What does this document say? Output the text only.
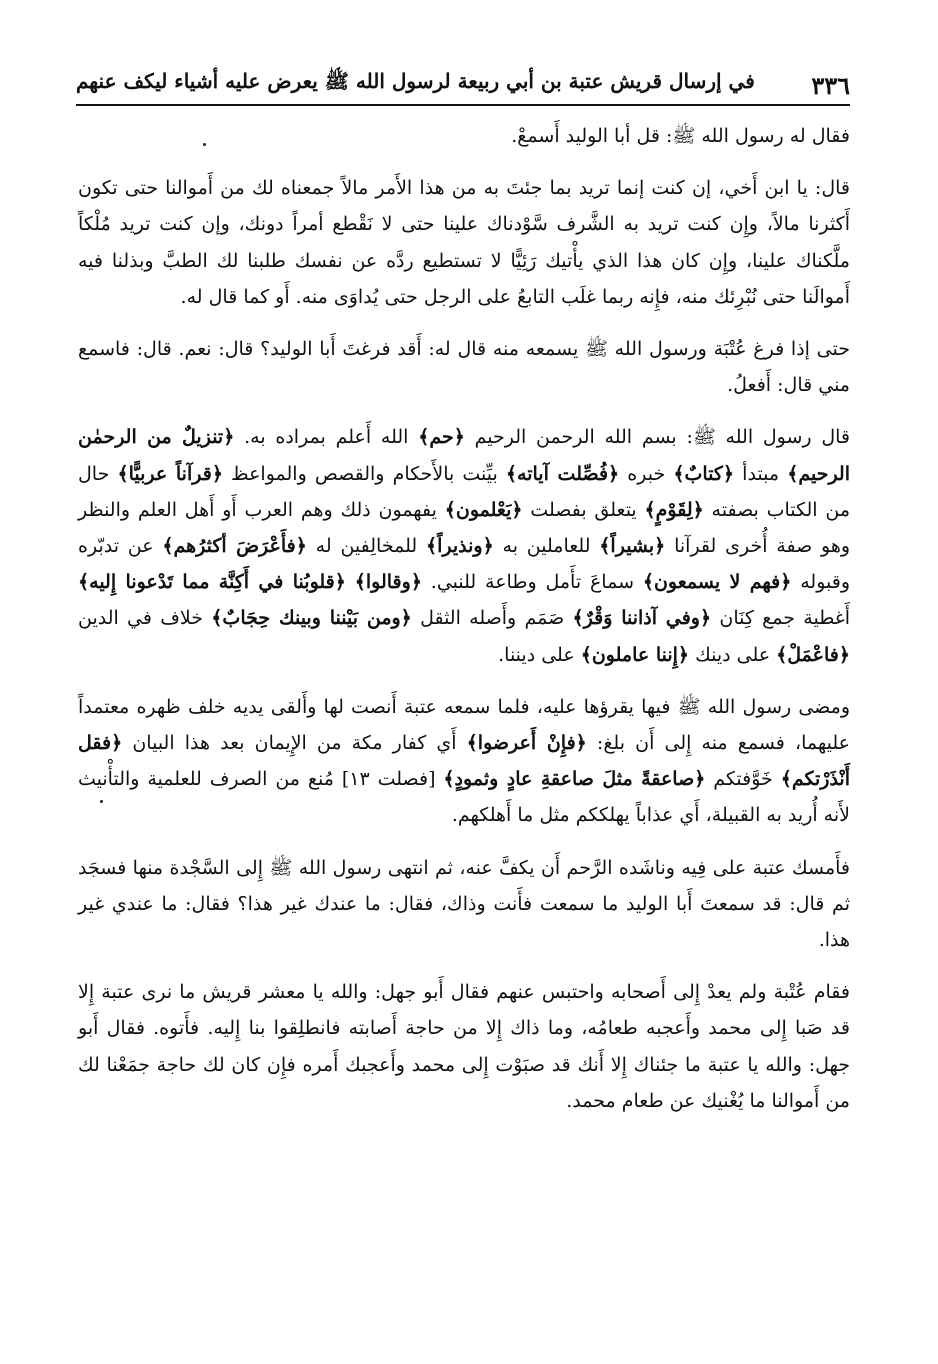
٣٣٦
في إرسال قريش عتبة بن أبي ربيعة لرسول الله ﷺ يعرض عليه أشياء ليكف عنهم

فقال له رسول الله ﷺ: قل أبا الوليد أَسمعْ.

قال: يا ابن أَخي، إن كنت إنما تريد بما جئتَ به من هذا الأَمر مالاً جمعناه لك من أَموالنا حتى تكون أَكثرنا مالاً، وإِن كنت تريد به الشَّرف سَّوْدناك علينا حتى لا نَقْطع أمراً دونك، وإن كنت تريد مُلْكاً ملَّكناك علينا، وإِن كان هذا الذي يأْتيك رَئِيًّا لا تستطيع ردَّه عن نفسك طلبنا لك الطبَّ وبذلنا فيه أَموالَنا حتى نُبْرِئك منه، فإِنه ربما غلَب التابعُ على الرجل حتى يُداوَى منه. أَو كما قال له.

حتى إذا فرغ عُتْبَة ورسول الله ﷺ يسمعه منه قال له: أَقد فرغتَ أَبا الوليد؟ قال: نعم. قال: فاسمع مني قال: أَفعلُ.

قال رسول الله ﷺ: بسم الله الرحمن الرحيم ﴿حم﴾ الله أَعلم بمراده به. ﴿تنزيلٌ من الرحمٰن الرحيم﴾ مبتدأ ﴿كتابٌ﴾ خبره ﴿فُصِّلت آياته﴾ بيِّنت بالأَحكام والقصص والمواعظ ﴿قرآناً عربيًّا﴾ حال من الكتاب بصفته ﴿لِقَوْمٍ﴾ يتعلق بفصلت ﴿يَعْلمون﴾ يفهمون ذلك وهم العرب أَو أَهل العلم والنظر وهو صفة أُخرى لقرآنا ﴿بشيراً﴾ للعاملين به ﴿ونذيراً﴾ للمخالِفين له ﴿فأَعْرَضَ أكثرُهم﴾ عن تدبّره وقبوله ﴿فهم لا يسمعون﴾ سماعَ تأَمل وطاعة للنبي. ﴿وقالوا﴾ ﴿قلوبُنا في أَكِنَّة مما تَدْعونا إِليه﴾ أَغطية جمع كِنَان ﴿وفي آذاننا وَقْرٌ﴾ صَمَم وأَصله الثقل ﴿ومن بَيْننا وبينك حِجَابٌ﴾ خلاف في الدين ﴿فاعْمَلْ﴾ على دينك ﴿إِننا عاملون﴾ على ديننا.

ومضى رسول الله ﷺ فيها يقرؤها عليه، فلما سمعه عتبة أَنصت لها وأَلقى يديه خلف ظهره معتمداً عليهما، فسمع منه إِلى أَن بلغ: ﴿فإِنْ أَعرضوا﴾ أَي كفار مكة من الإِيمان بعد هذا البيان ﴿فقل أَنْذَرْتكم﴾ خَوَّفتكم ﴿صاعقةً مثلَ صاعقةِ عادٍ وثمودٍ﴾ [فصلت ١٣] مُنع من الصرف للعلمية والتأْنيث لأَنه أُريد به القبيلة، أَي عذاباً يهلككم مثل ما أَهلكهم.

فأَمسك عتبة على فِيه وناشَده الرَّحم أَن يكفَّ عنه، ثم انتهى رسول الله ﷺ إِلى السَّجْدة منها فسجَد ثم قال: قد سمعتَ أَبا الوليد ما سمعت فأَنت وذاك، فقال: ما عندك غير هذا؟ فقال: ما عندي غير هذا.

فقام عُتْبة ولم يعدْ إِلى أَصحابه واحتبس عنهم فقال أَبو جهل: والله يا معشر قريش ما نرى عتبة إِلا قد صَبا إِلى محمد وأَعجبه طعامُه، وما ذاك إِلا من حاجة أَصابته فانطلِقوا بنا إِليه. فأَتوه. فقال أَبو جهل: والله يا عتبة ما جئناك إِلا أَنك قد صبَوْت إِلى محمد وأَعجبك أَمره فإِن كان لك حاجة جمَعْنا لك من أَموالنا ما يُغْنيك عن طعام محمد.
